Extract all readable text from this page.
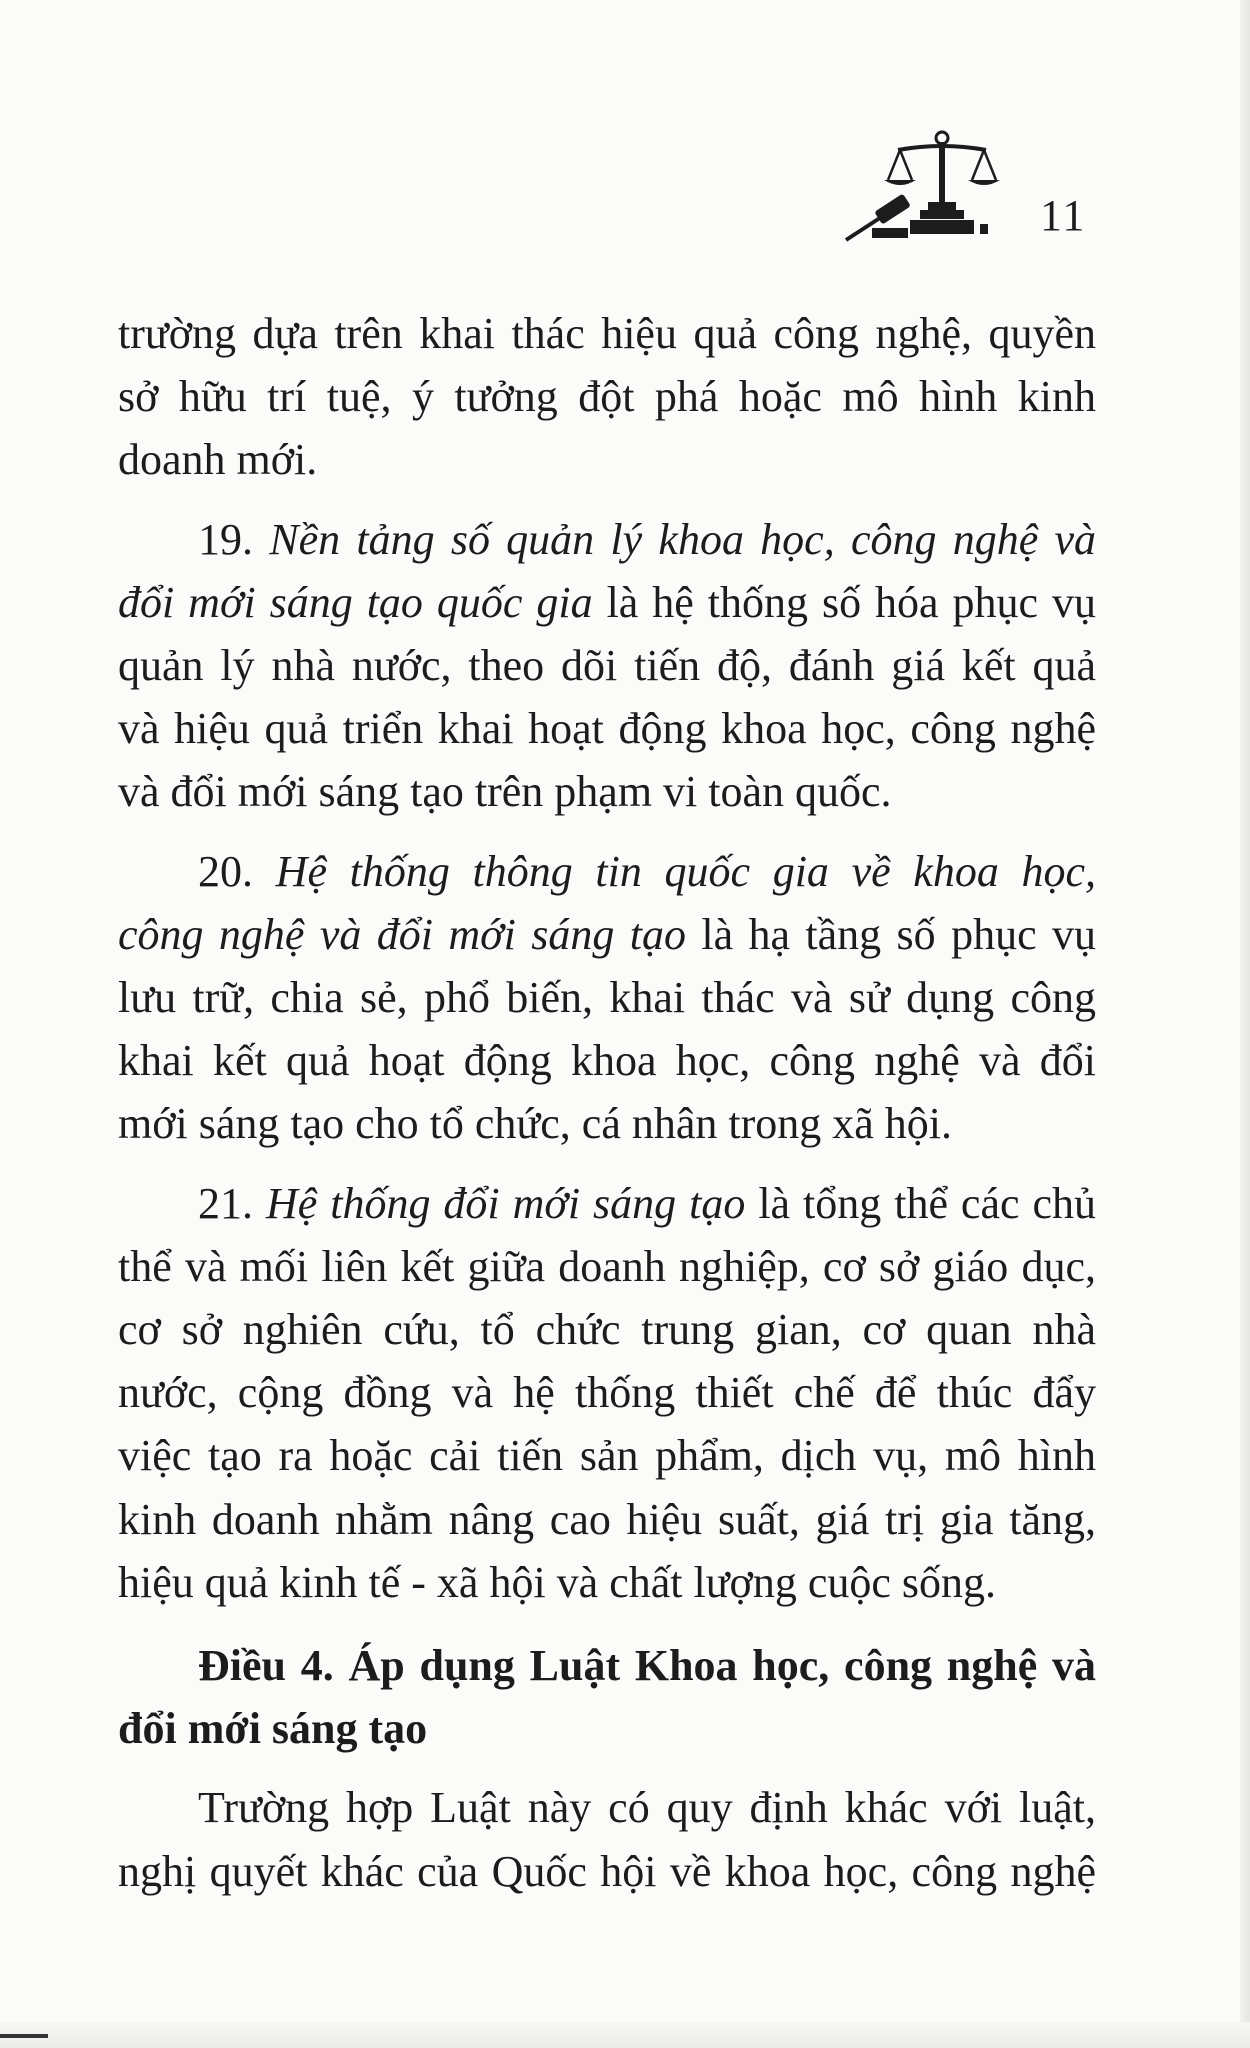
11

trường dựa trên khai thác hiệu quả công nghệ, quyền
sở hữu trí tuệ, ý tưởng đột phá hoặc mô hình kinh
doanh mới.

19. Nền tảng số quản lý khoa học, công nghệ và
đổi mới sáng tạo quốc gia là hệ thống số hóa phục vụ
quản lý nhà nước, theo dõi tiến độ, đánh giá kết quả
và hiệu quả triển khai hoạt động khoa học, công nghệ
và đổi mới sáng tạo trên phạm vi toàn quốc.

20. Hệ thống thông tin quốc gia về khoa học,
công nghệ và đổi mới sáng tạo là hạ tầng số phục vụ
lưu trữ, chia sẻ, phổ biến, khai thác và sử dụng công
khai kết quả hoạt động khoa học, công nghệ và đổi
mới sáng tạo cho tổ chức, cá nhân trong xã hội.

21. Hệ thống đổi mới sáng tạo là tổng thể các chủ
thể và mối liên kết giữa doanh nghiệp, cơ sở giáo dục,
cơ sở nghiên cứu, tổ chức trung gian, cơ quan nhà
nước, cộng đồng và hệ thống thiết chế để thúc đẩy
việc tạo ra hoặc cải tiến sản phẩm, dịch vụ, mô hình
kinh doanh nhằm nâng cao hiệu suất, giá trị gia tăng,
hiệu quả kinh tế - xã hội và chất lượng cuộc sống.

Điều 4. Áp dụng Luật Khoa học, công nghệ và
đổi mới sáng tạo

Trường hợp Luật này có quy định khác với luật,
nghị quyết khác của Quốc hội về khoa học, công nghệ
